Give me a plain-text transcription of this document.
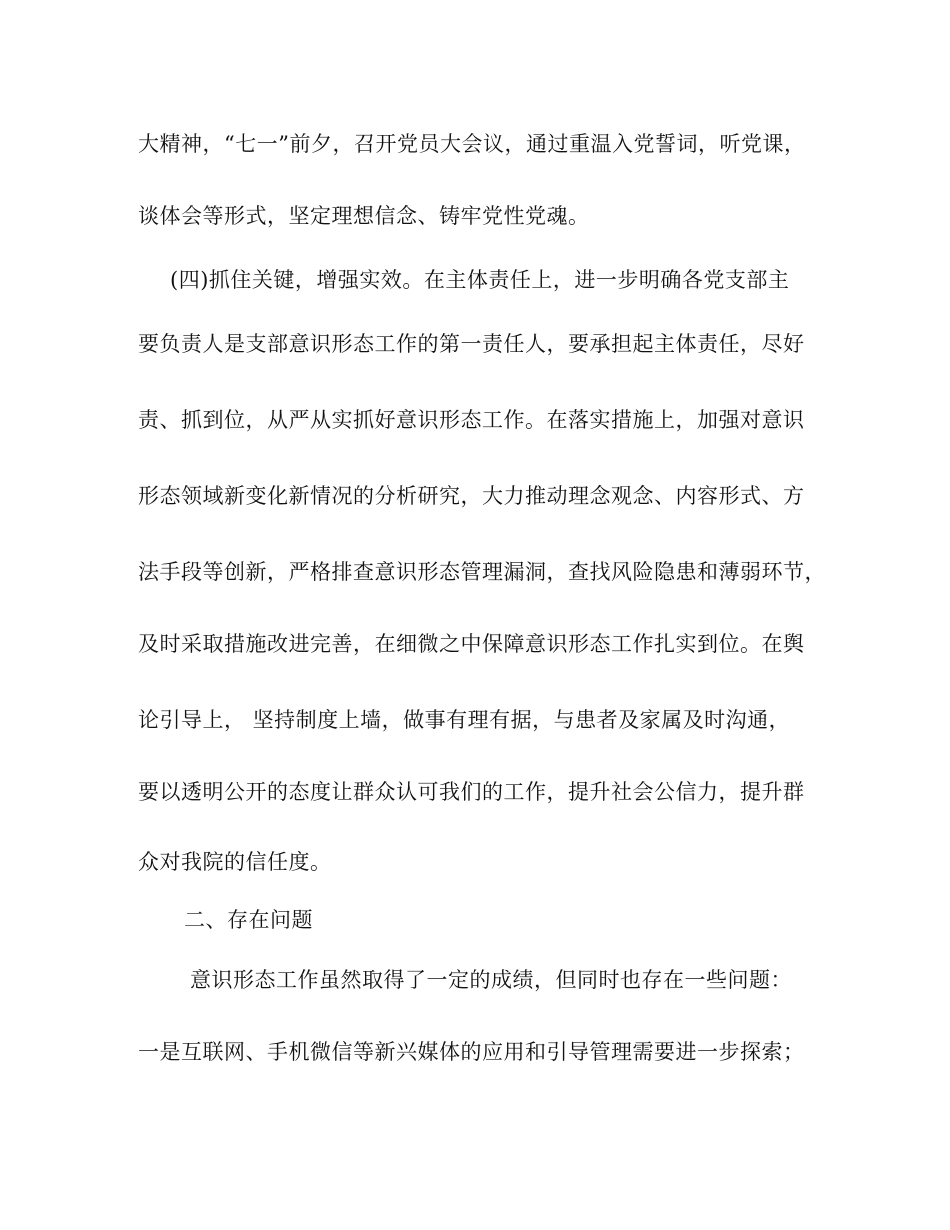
大精神，“七一”前夕，召开党员大会议，通过重温入党誓词，听党课，
谈体会等形式，坚定理想信念、铸牢党性党魂。
(四)抓住关键，增强实效。在主体责任上，进一步明确各党支部主
要负责人是支部意识形态工作的第一责任人，要承担起主体责任，尽好
责、抓到位，从严从实抓好意识形态工作。在落实措施上，加强对意识
形态领域新变化新情况的分析研究，大力推动理念观念、内容形式、方
法手段等创新，严格排查意识形态管理漏洞，查找风险隐患和薄弱环节，
及时采取措施改进完善，在细微之中保障意识形态工作扎实到位。在舆
论引导上， 坚持制度上墙，做事有理有据，与患者及家属及时沟通，
要以透明公开的态度让群众认可我们的工作，提升社会公信力，提升群
众对我院的信任度。
二、存在问题
意识形态工作虽然取得了一定的成绩，但同时也存在一些问题：
一是互联网、手机微信等新兴媒体的应用和引导管理需要进一步探索；
